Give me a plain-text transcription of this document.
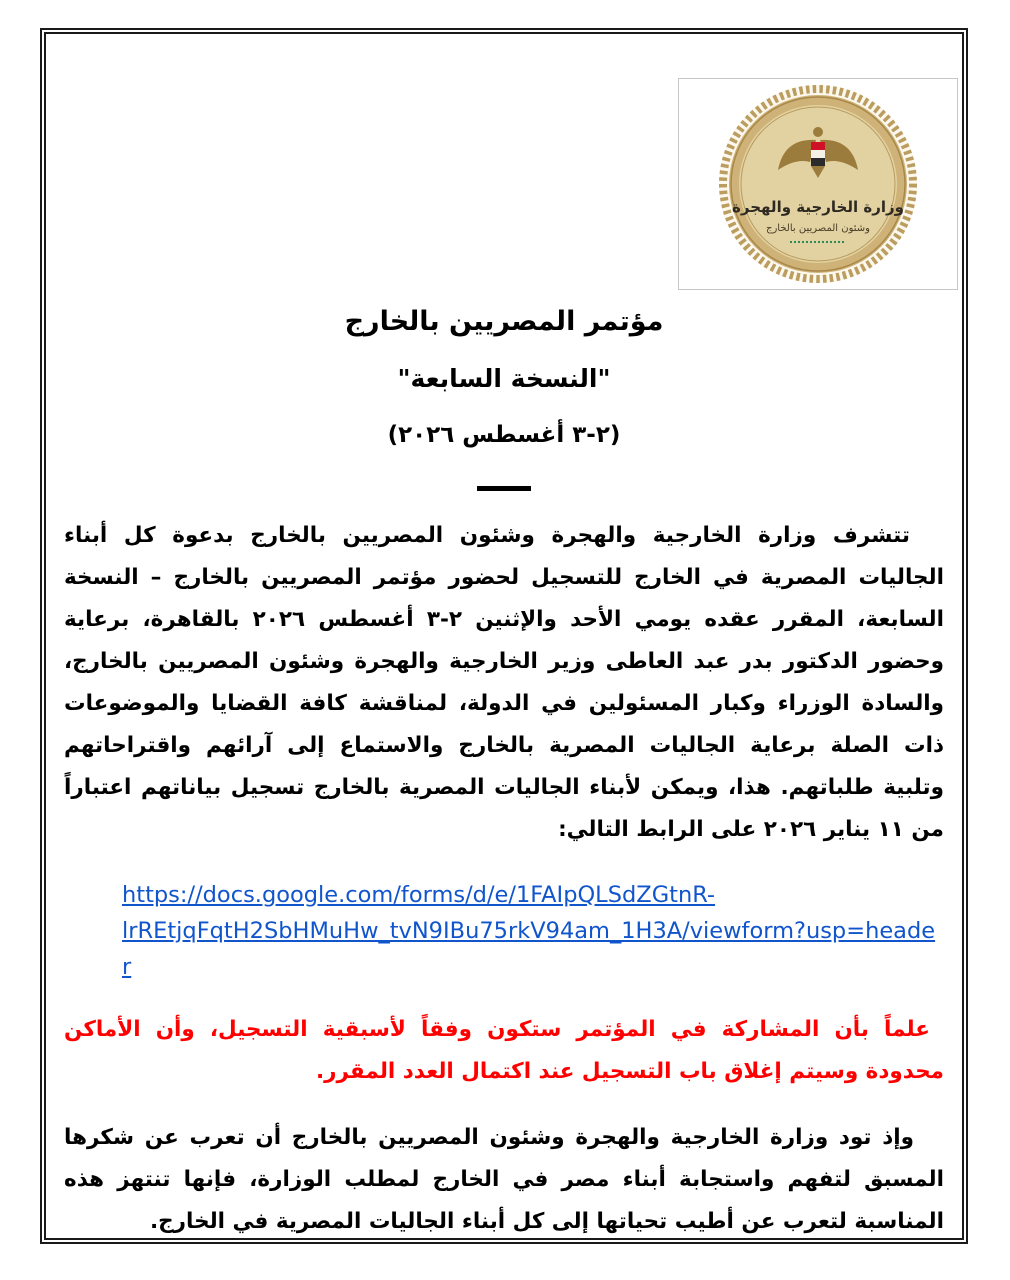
وزارة الخارجية والهجرة
وشئون المصريين بالخارج
مؤتمر المصريين بالخارج
"النسخة السابعة"
(٢-٣ أغسطس ٢٠٢٦)

تتشرف وزارة الخارجية والهجرة وشئون المصريين بالخارج بدعوة كل أبناء الجاليات المصرية في الخارج للتسجيل لحضور مؤتمر المصريين بالخارج – النسخة السابعة، المقرر عقده يومي الأحد والإثنين ٢-٣ أغسطس ٢٠٢٦ بالقاهرة، برعاية وحضور الدكتور بدر عبد العاطى وزير الخارجية والهجرة وشئون المصريين بالخارج، والسادة الوزراء وكبار المسئولين في الدولة، لمناقشة كافة القضايا والموضوعات ذات الصلة برعاية الجاليات المصرية بالخارج والاستماع إلى آرائهم واقتراحاتهم وتلبية طلباتهم. هذا، ويمكن لأبناء الجاليات المصرية بالخارج تسجيل بياناتهم اعتباراً من ١١ يناير ٢٠٢٦ على الرابط التالي:

https://docs.google.com/forms/d/e/1FAIpQLSdZGtnR-
lrREtjqFqtH2SbHMuHw_tvN9IBu75rkV94am_1H3A/viewform?usp=header

علماً بأن المشاركة في المؤتمر ستكون وفقاً لأسبقية التسجيل، وأن الأماكن محدودة وسيتم إغلاق باب التسجيل عند اكتمال العدد المقرر.

وإذ تود وزارة الخارجية والهجرة وشئون المصريين بالخارج أن تعرب عن شكرها المسبق لتفهم واستجابة أبناء مصر في الخارج لمطلب الوزارة، فإنها تنتهز هذه المناسبة لتعرب عن أطيب تحياتها إلى كل أبناء الجاليات المصرية في الخارج.
